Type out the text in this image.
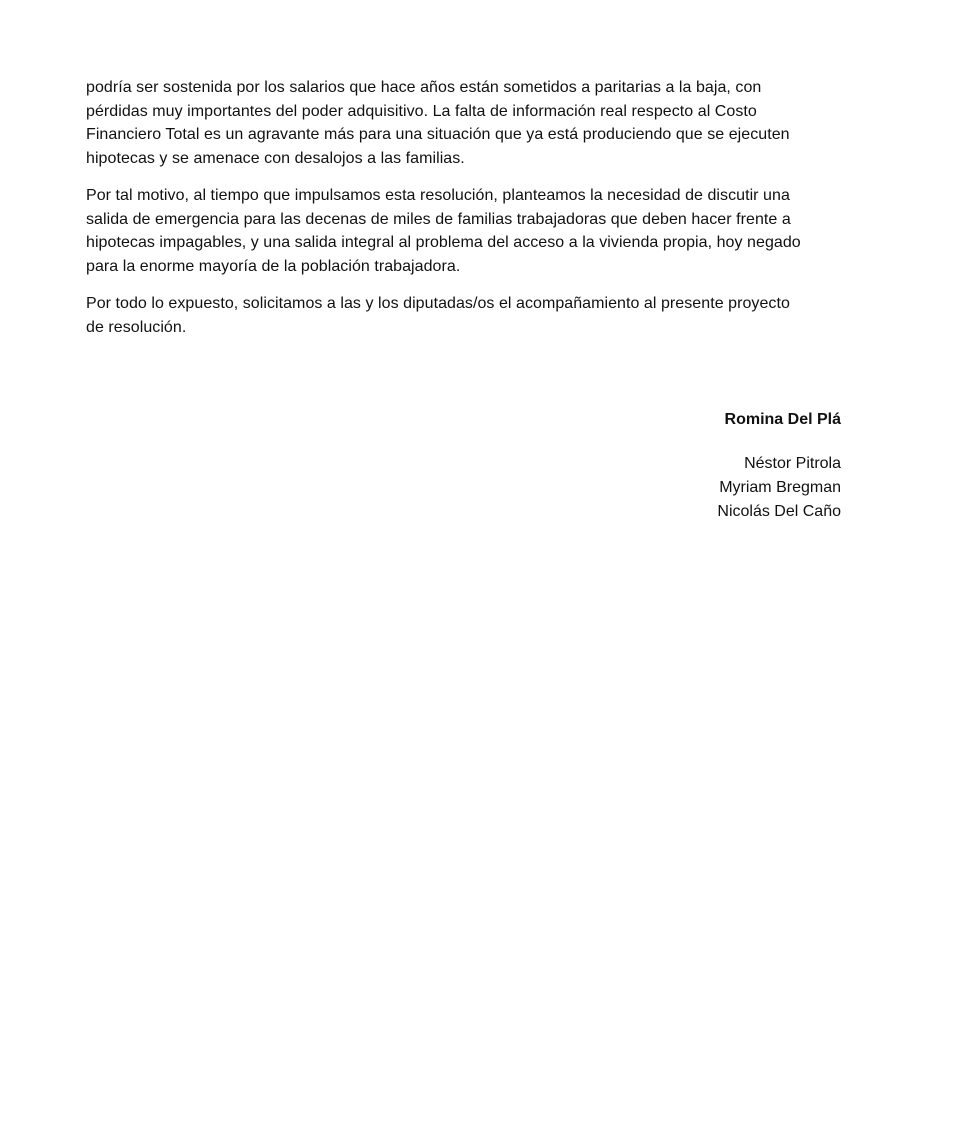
podría ser sostenida por los salarios que hace años están sometidos a paritarias a la baja, con
pérdidas muy importantes del poder adquisitivo. La falta de información real respecto al Costo
Financiero Total es un agravante más para una situación que ya está produciendo que se ejecuten
hipotecas y se amenace con desalojos a las familias.

Por tal motivo, al tiempo que impulsamos esta resolución, planteamos la necesidad de discutir una
salida de emergencia para las decenas de miles de familias trabajadoras que deben hacer frente a
hipotecas impagables, y una salida integral al problema del acceso a la vivienda propia, hoy negado
para la enorme mayoría de la población trabajadora.

Por todo lo expuesto, solicitamos a las y los diputadas/os el acompañamiento al presente proyecto
de resolución.

Romina Del Plá
Néstor Pitrola
Myriam Bregman
Nicolás Del Caño
